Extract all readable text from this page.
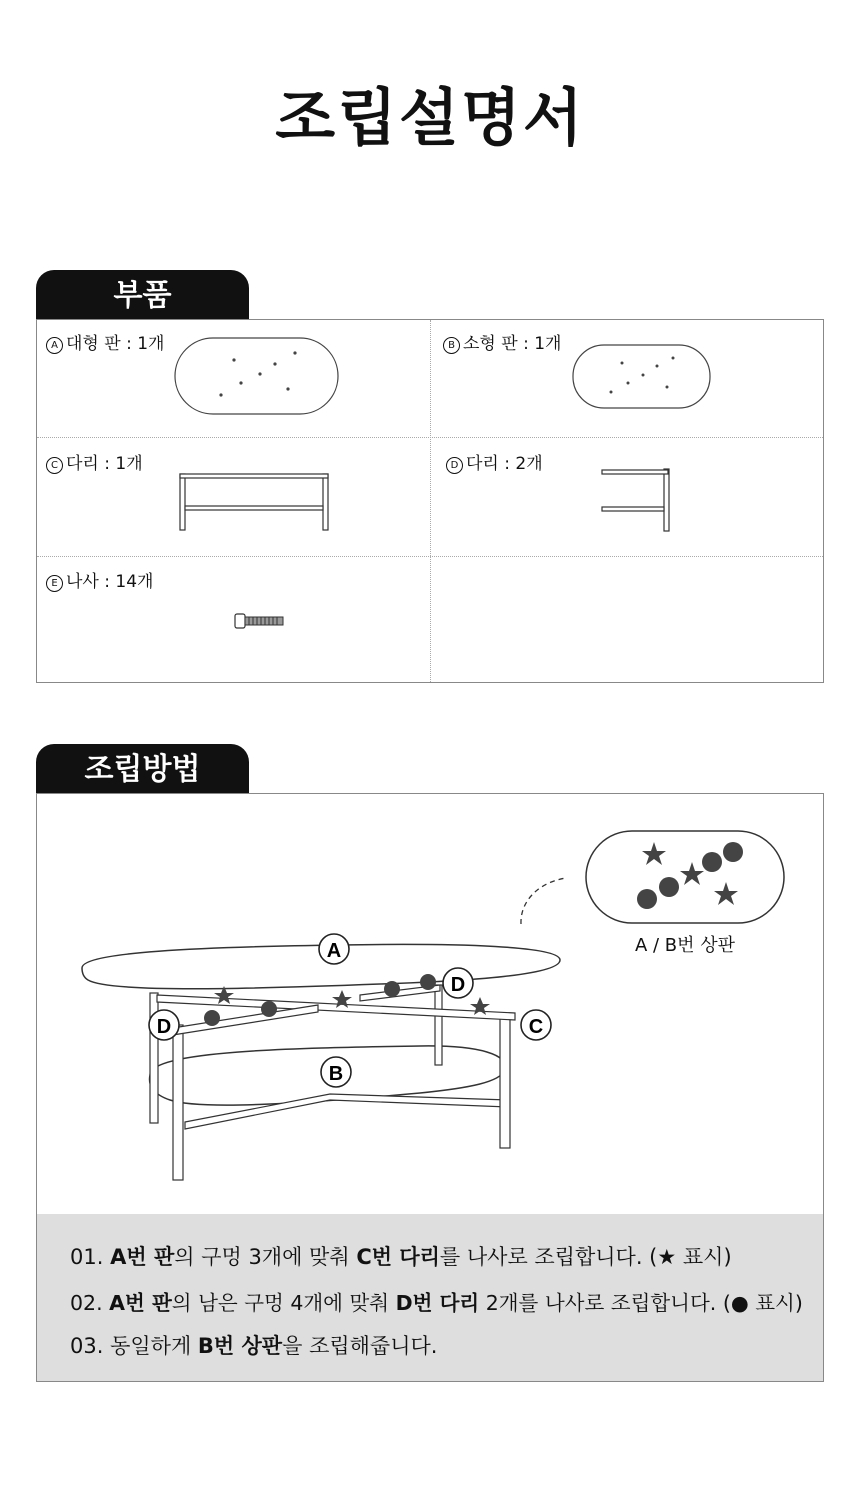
조립설명서
부품
A 대형 판 : 1개	B 소형 판 : 1개
C 다리 : 1개	D 다리 : 2개
E 나사 : 14개
조립방법
A
D
D	C
B
A / B번 상판
01. A번 판의 구멍 3개에 맞춰 C번 다리를 나사로 조립합니다. (★ 표시)
02. A번 판의 남은 구멍 4개에 맞춰 D번 다리 2개를 나사로 조립합니다. (● 표시)
03. 동일하게 B번 상판을 조립해줍니다.
